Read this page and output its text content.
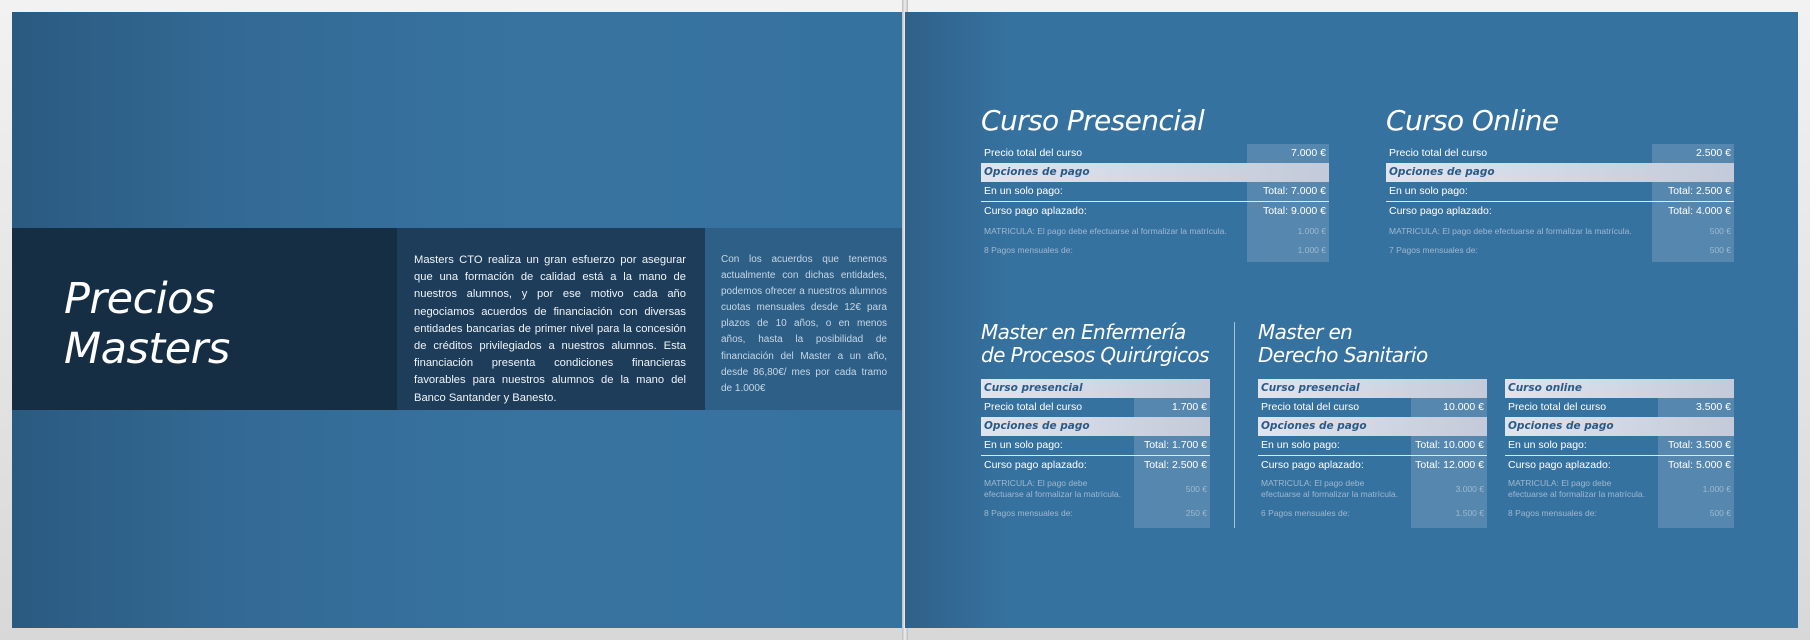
Precios Masters

Masters CTO realiza un gran esfuerzo por asegurar que una formación de calidad está a la mano de nuestros alumnos, y por ese motivo cada año negociamos acuerdos de financiación con diversas entidades bancarias de primer nivel para la concesión de créditos privilegiados a nuestros alumnos. Esta financiación presenta condiciones financieras favorables para nuestros alumnos de la mano del Banco Santander y Banesto.

Con los acuerdos que tenemos actualmente con dichas entidades, podemos ofrecer a nuestros alumnos cuotas mensuales desde 12€ para plazos de 10 años, o en menos años, hasta la posibilidad de financiación del Master a un año, desde 86,80€/ mes por cada tramo de 1.000€

Curso Presencial
Precio total del curso	7.000 €
Opciones de pago
En un solo pago:	Total: 7.000 €
Curso pago aplazado:	Total: 9.000 €
MATRICULA: El pago debe efectuarse al formalizar la matrícula.	1.000 €
8 Pagos mensuales de:	1.000 €
Curso Online
Precio total del curso	2.500 €
Opciones de pago
En un solo pago:	Total: 2.500 €
Curso pago aplazado:	Total: 4.000 €
MATRICULA: El pago debe efectuarse al formalizar la matrícula.	500 €
7 Pagos mensuales de:	500 €
Master en Enfermería
de Procesos Quirúrgicos
Curso presencial
Precio total del curso	1.700 €
Opciones de pago
En un solo pago:	Total: 1.700 €
Curso pago aplazado:	Total: 2.500 €
MATRICULA: El pago debe efectuarse al formalizar la matrícula.	500 €
8 Pagos mensuales de:	250 €
Master en
Derecho Sanitario
Curso presencial
Precio total del curso	10.000 €
Opciones de pago
En un solo pago:	Total: 10.000 €
Curso pago aplazado:	Total: 12.000 €
MATRICULA: El pago debe efectuarse al formalizar la matrícula.	3.000 €
6 Pagos mensuales de:	1.500 €
Curso online
Precio total del curso	3.500 €
Opciones de pago
En un solo pago:	Total: 3.500 €
Curso pago aplazado:	Total: 5.000 €
MATRICULA: El pago debe efectuarse al formalizar la matrícula.	1.000 €
8 Pagos mensuales de:	500 €
